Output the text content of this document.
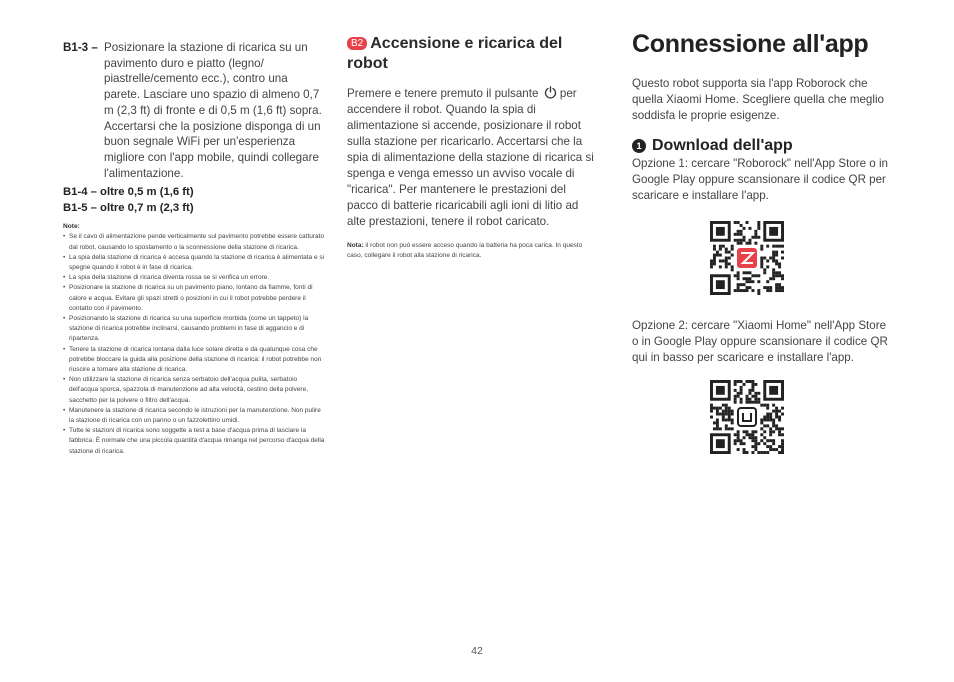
B1-3 – Posizionare la stazione di ricarica su un pavimento duro e piatto (legno/ piastrelle/cemento ecc.), contro una parete. Lasciare uno spazio di almeno 0,7 m (2,3 ft) di fronte e di 0,5 m (1,6 ft) sopra. Accertarsi che la posizione disponga di un buon segnale WiFi per un'esperienza migliore con l'app mobile, quindi collegare l'alimentazione.
B1-4 – oltre 0,5 m (1,6 ft)
B1-5 – oltre 0,7 m (2,3 ft)
Note:
• Se il cavo di alimentazione pende verticalmente sul pavimento potrebbe essere catturato dal robot, causando lo spostamento o la sconnessione della stazione di ricarica.
• La spia della stazione di ricarica è accesa quando la stazione di ricarica è alimentata e si spegne quando il robot è in fase di ricarica.
• La spia della stazione di ricarica diventa rossa se si verifica un errore.
• Posizionare la stazione di ricarica su un pavimento piano, lontano da fiamme, fonti di calore e acqua. Evitare gli spazi stretti o posizioni in cui il robot potrebbe perdere il contatto con il pavimento.
• Posizionando la stazione di ricarica su una superficie morbida (come un tappeto) la stazione di ricarica potrebbe inclinarsi, causando problemi in fase di aggancio e di ripartenza.
• Tenere la stazione di ricarica lontana dalla luce solare diretta e da qualunque cosa che potrebbe bloccare la guida alla posizione della stazione di ricarica: il robot potrebbe non riuscire a tornare alla stazione di ricarica.
• Non utilizzare la stazione di ricarica senza serbatoio dell'acqua pulita, serbatoio dell'acqua sporca, spazzola di manutenzione ad alta velocità, cestino della polvere, sacchetto per la polvere o filtro dell'acqua.
• Manutenere la stazione di ricarica secondo le istruzioni per la manutenzione. Non pulire la stazione di ricarica con un panno o un fazzolettino umidi.
• Tutte le stazioni di ricarica sono soggette a test a base d'acqua prima di lasciare la fabbrica. È normale che una piccola quantità d'acqua rimanga nel percorso d'acqua della stazione di ricarica.
B2 Accensione e ricarica del robot
Premere e tenere premuto il pulsante per accendere il robot. Quando la spia di alimentazione si accende, posizionare il robot sulla stazione per ricaricarlo. Accertarsi che la spia di alimentazione della stazione di ricarica si spenga e venga emesso un avviso vocale di "ricarica". Per mantenere le prestazioni del pacco di batterie ricaricabili agli ioni di litio ad alte prestazioni, tenere il robot caricato.
Nota: il robot non può essere acceso quando la batteria ha poca carica. In questo caso, collegare il robot alla stazione di ricarica.
Connessione all'app
Questo robot supporta sia l'app Roborock che quella Xiaomi Home. Scegliere quella che meglio soddisfa le proprie esigenze.
1 Download dell'app
Opzione 1: cercare "Roborock" nell'App Store o in Google Play oppure scansionare il codice QR per scaricare e installare l'app.
Opzione 2: cercare "Xiaomi Home" nell'App Store o in Google Play oppure scansionare il codice QR qui in basso per scaricare e installare l'app.
42
